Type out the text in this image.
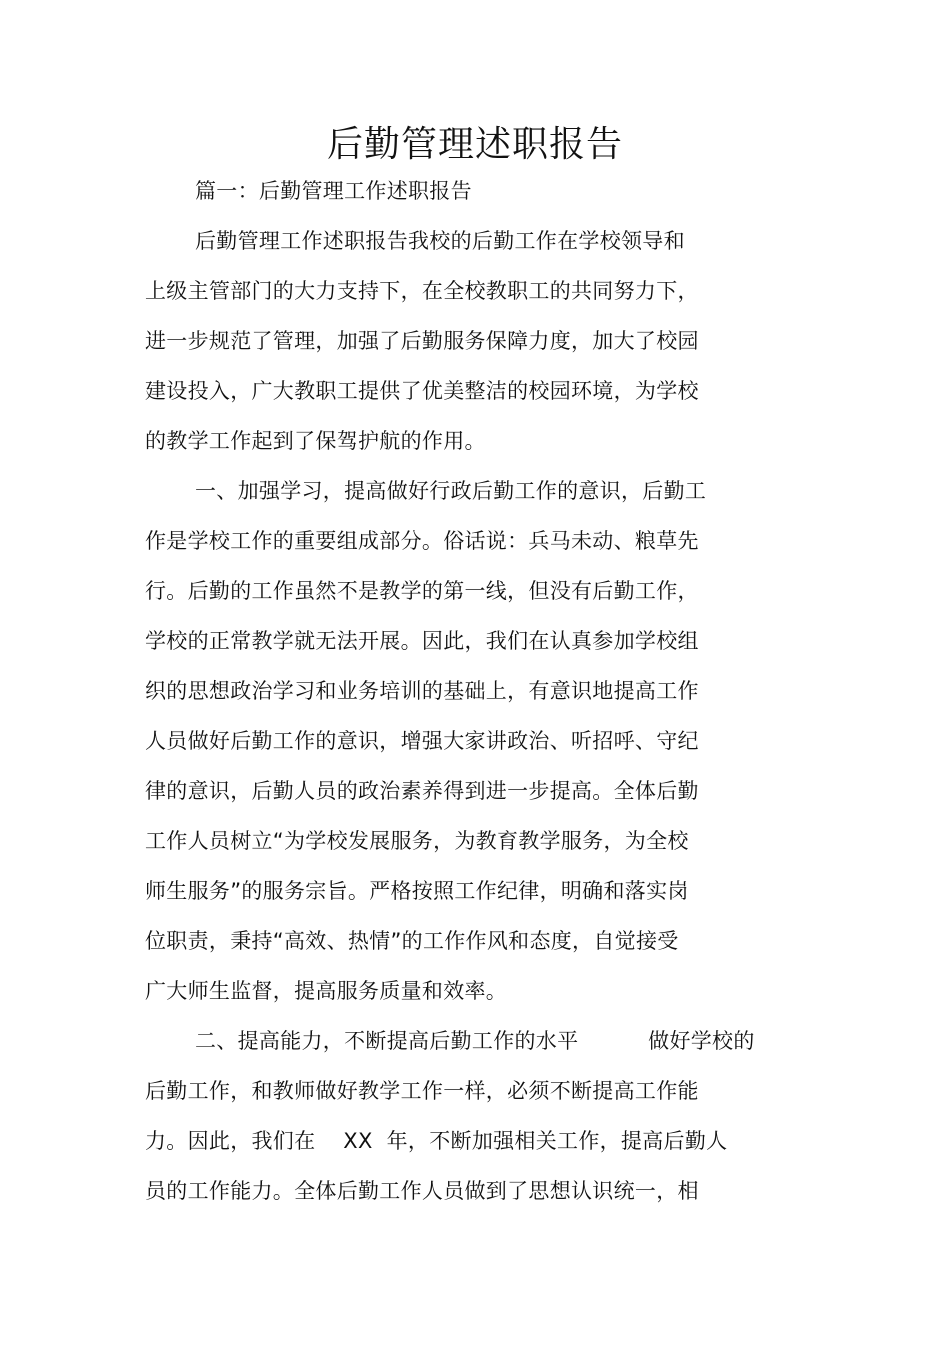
后勤管理述职报告
篇一：后勤管理工作述职报告
后勤管理工作述职报告我校的后勤工作在学校领导和
上级主管部门的大力支持下，在全校教职工的共同努力下，
进一步规范了管理，加强了后勤服务保障力度，加大了校园
建设投入，广大教职工提供了优美整洁的校园环境，为学校
的教学工作起到了保驾护航的作用。
一、加强学习，提高做好行政后勤工作的意识，后勤工
作是学校工作的重要组成部分。俗话说：兵马未动、粮草先
行。后勤的工作虽然不是教学的第一线，但没有后勤工作，
学校的正常教学就无法开展。因此，我们在认真参加学校组
织的思想政治学习和业务培训的基础上，有意识地提高工作
人员做好后勤工作的意识，增强大家讲政治、听招呼、守纪
律的意识，后勤人员的政治素养得到进一步提高。全体后勤
工作人员树立“为学校发展服务，为教育教学服务，为全校
师生服务”的服务宗旨。严格按照工作纪律，明确和落实岗
位职责，秉持“高效、热情”的工作作风和态度，自觉接受
广大师生监督，提高服务质量和效率。
二、提高能力，不断提高后勤工作的水平          做好学校的
后勤工作，和教师做好教学工作一样，必须不断提高工作能
力。因此，我们在    XX  年，不断加强相关工作，提高后勤人
员的工作能力。全体后勤工作人员做到了思想认识统一，相
